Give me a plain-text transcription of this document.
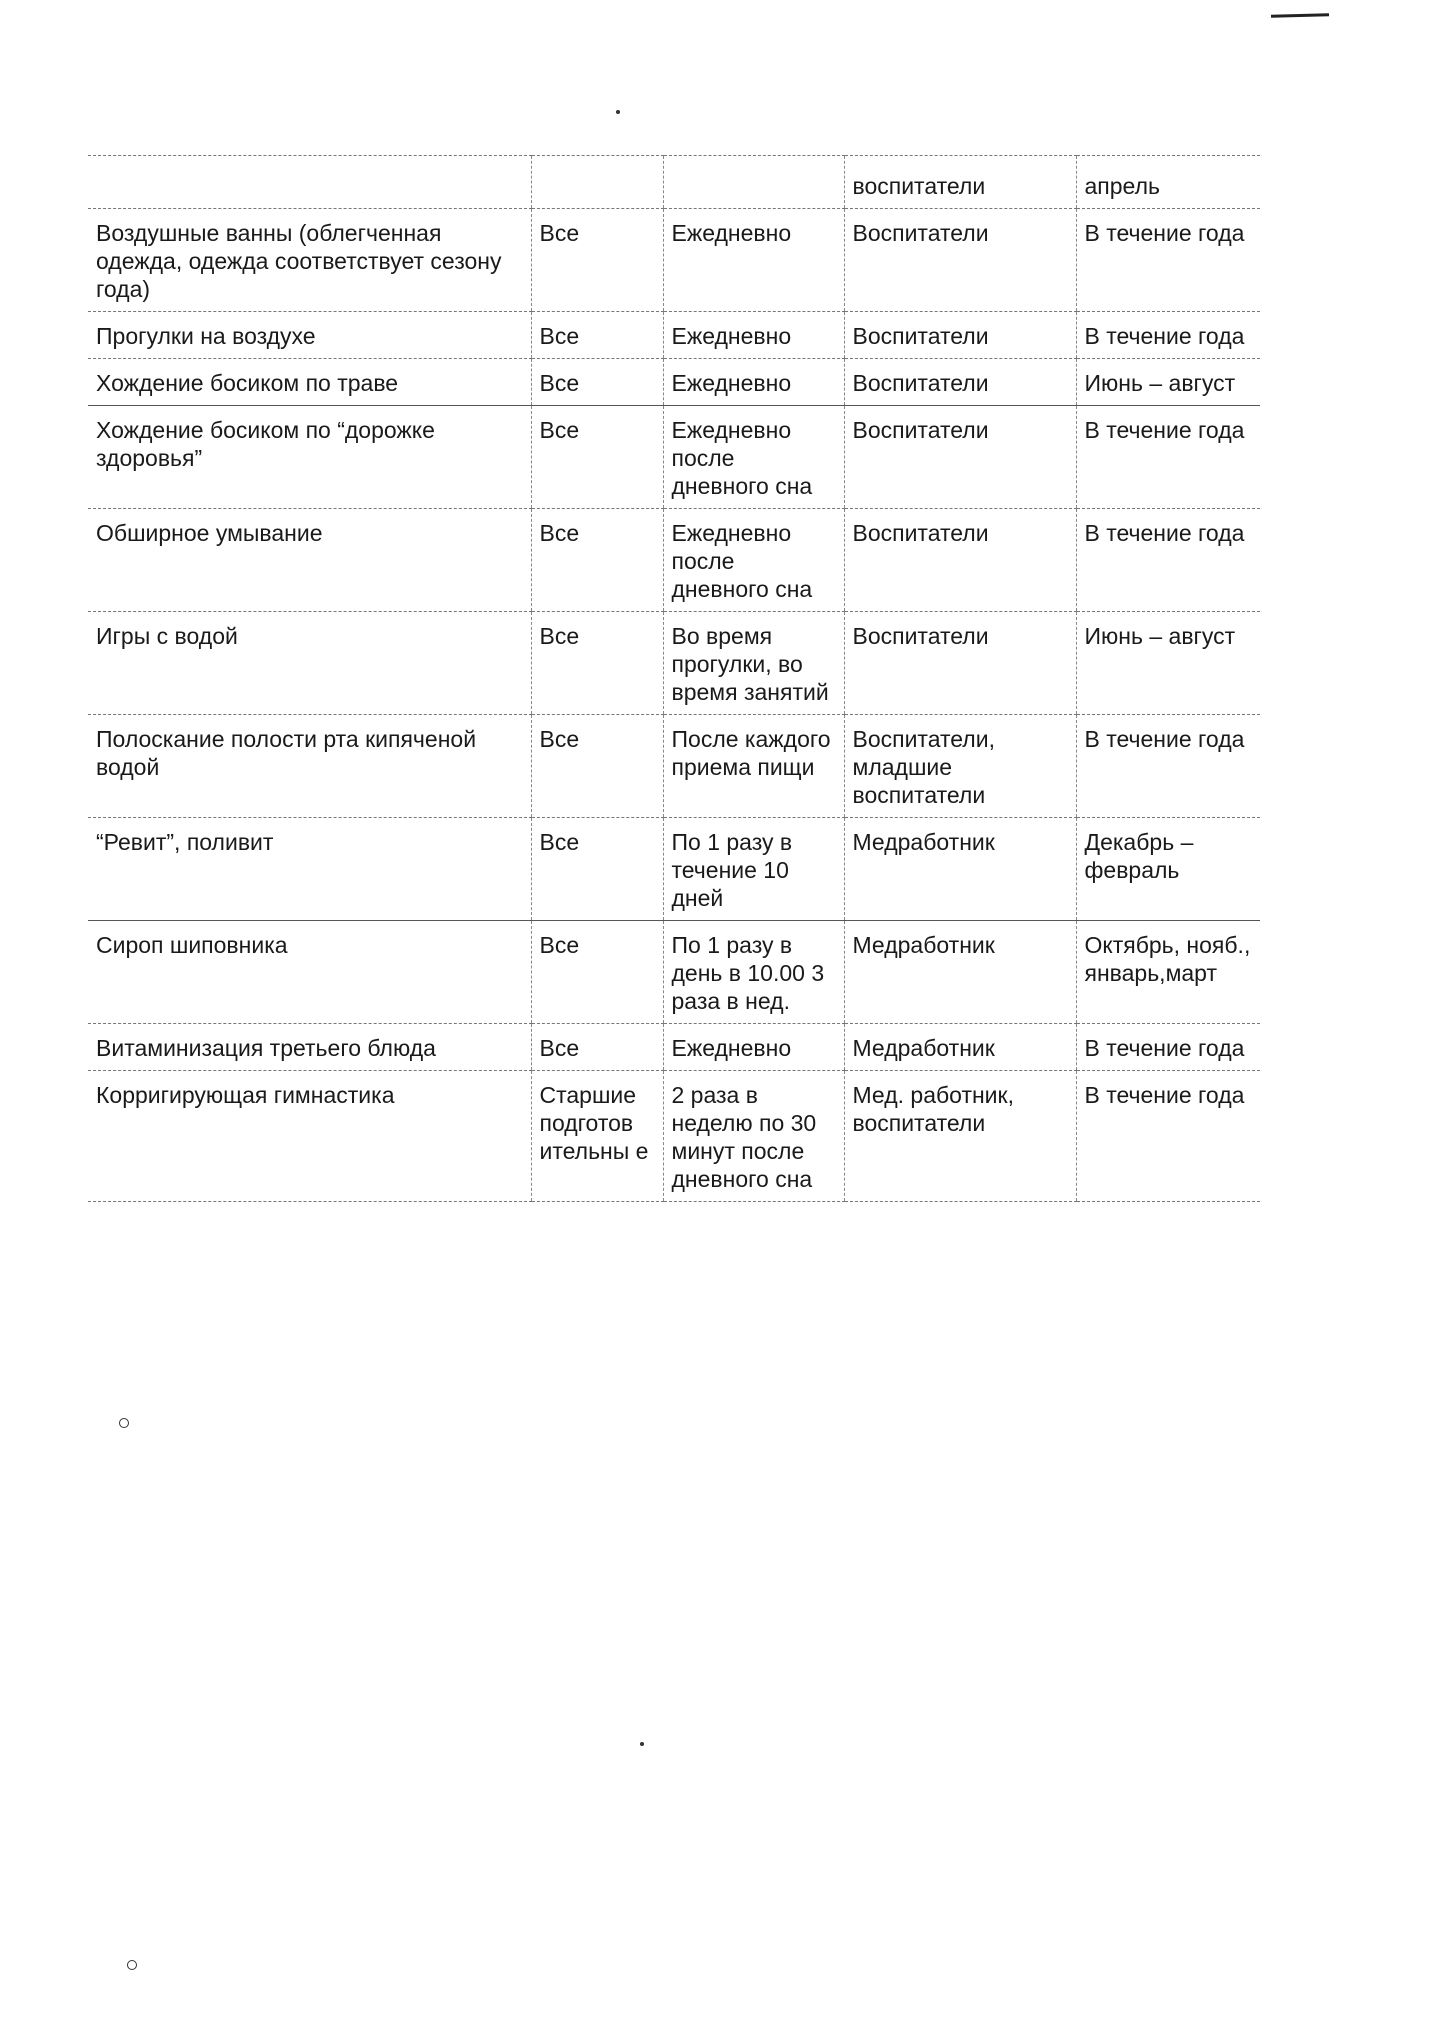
			воспитатели	апрель
Воздушные ванны (облегченная одежда, одежда соответствует сезону года)	Все	Ежедневно	Воспитатели	В течение года
Прогулки на воздухе	Все	Ежедневно	Воспитатели	В течение года
Хождение босиком по траве	Все	Ежедневно	Воспитатели	Июнь – август
Хождение босиком по “дорожке здоровья”	Все	Ежедневно после дневного сна	Воспитатели	В течение года
Обширное умывание	Все	Ежедневно после дневного сна	Воспитатели	В течение года
Игры с водой	Все	Во время прогулки, во время занятий	Воспитатели	Июнь – август
Полоскание полости рта кипяченой водой	Все	После каждого приема пищи	Воспитатели, младшие воспитатели	В течение года
“Ревит”, поливит	Все	По 1 разу в течение 10 дней	Медработник	Декабрь – февраль
Сироп шиповника	Все	По 1 разу в день в 10.00 3 раза в нед.	Медработник	Октябрь, нояб., январь,март
Витаминизация третьего блюда	Все	Ежедневно	Медработник	В течение года
Корригирующая гимнастика	Старшие подготов ительны е	2 раза в неделю по 30 минут после дневного сна	Мед. работник, воспитатели	В течение года
